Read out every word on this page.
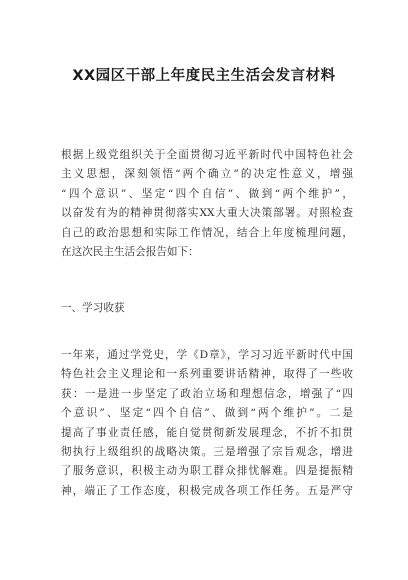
XX园区干部上年度民主生活会发言材料
根据上级党组织关于全面贯彻习近平新时代中国特色社会
主义思想，深刻领悟“两个确立”的决定性意义，增强
“四个意识”、坚定“四个自信”、做到“两个维护”，
以奋发有为的精神贯彻落实XX大重大决策部署。对照检查
自己的政治思想和实际工作情况，结合上年度梳理问题，
在这次民主生活会报告如下：
一、学习收获
一年来，通过学党史，学《D章》，学习习近平新时代中国
特色社会主义理论和一系列重要讲话精神，取得了一些收
获：一是进一步坚定了政治立场和理想信念，增强了“四
个意识”、坚定“四个自信”、做到“两个维护”。二是
提高了事业责任感，能自觉贯彻新发展理念，不折不扣贯
彻执行上级组织的战略决策。三是增强了宗旨观念，增进
了服务意识，积极主动为职工群众排忧解难。四是提振精
神，端正了工作态度，积极完成各项工作任务。五是严守
